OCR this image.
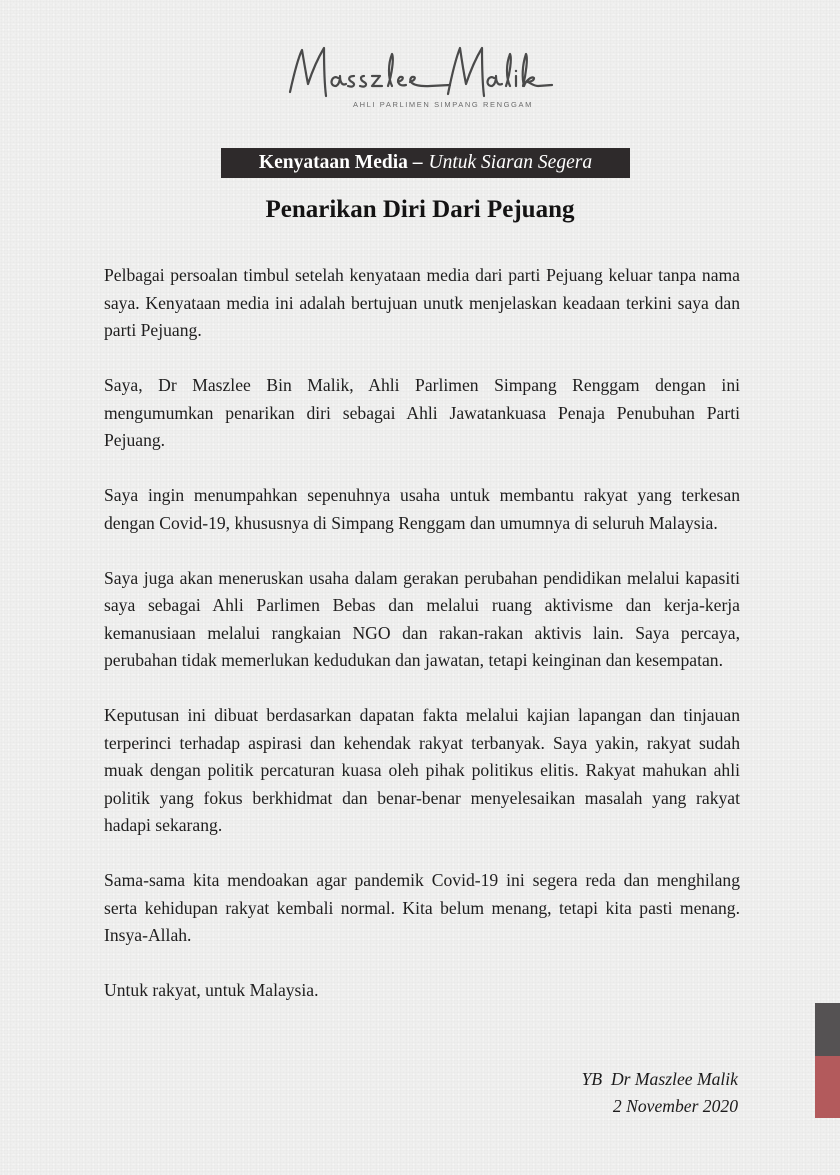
AHLI PARLIMEN SIMPANG RENGGAM
Kenyataan Media – Untuk Siaran Segera
Penarikan Diri Dari Pejuang

Pelbagai persoalan timbul setelah kenyataan media dari parti Pejuang keluar tanpa nama saya. Kenyataan media ini adalah bertujuan unutk menjelaskan keadaan terkini saya dan parti Pejuang.

Saya, Dr Maszlee Bin Malik, Ahli Parlimen Simpang Renggam dengan ini mengumumkan penarikan diri sebagai Ahli Jawatankuasa Penaja Penubuhan Parti Pejuang.

Saya ingin menumpahkan sepenuhnya usaha untuk membantu rakyat yang terkesan dengan Covid-19, khususnya di Simpang Renggam dan umumnya di seluruh Malaysia.

Saya juga akan meneruskan usaha dalam gerakan perubahan pendidikan melalui kapasiti saya sebagai Ahli Parlimen Bebas dan melalui ruang aktivisme dan kerja-kerja kemanusiaan melalui rangkaian NGO dan rakan-rakan aktivis lain. Saya percaya, perubahan tidak memerlukan kedudukan dan jawatan, tetapi keinginan dan kesempatan.

Keputusan ini dibuat berdasarkan dapatan fakta melalui kajian lapangan dan tinjauan terperinci terhadap aspirasi dan kehendak rakyat terbanyak. Saya yakin, rakyat sudah muak dengan politik percaturan kuasa oleh pihak politikus elitis. Rakyat mahukan ahli politik yang fokus berkhidmat dan benar-benar menyelesaikan masalah yang rakyat hadapi sekarang.

Sama-sama kita mendoakan agar pandemik Covid-19 ini segera reda dan menghilang serta kehidupan rakyat kembali normal. Kita belum menang, tetapi kita pasti menang. Insya-Allah.

Untuk rakyat, untuk Malaysia.

YB  Dr Maszlee Malik
2 November 2020
